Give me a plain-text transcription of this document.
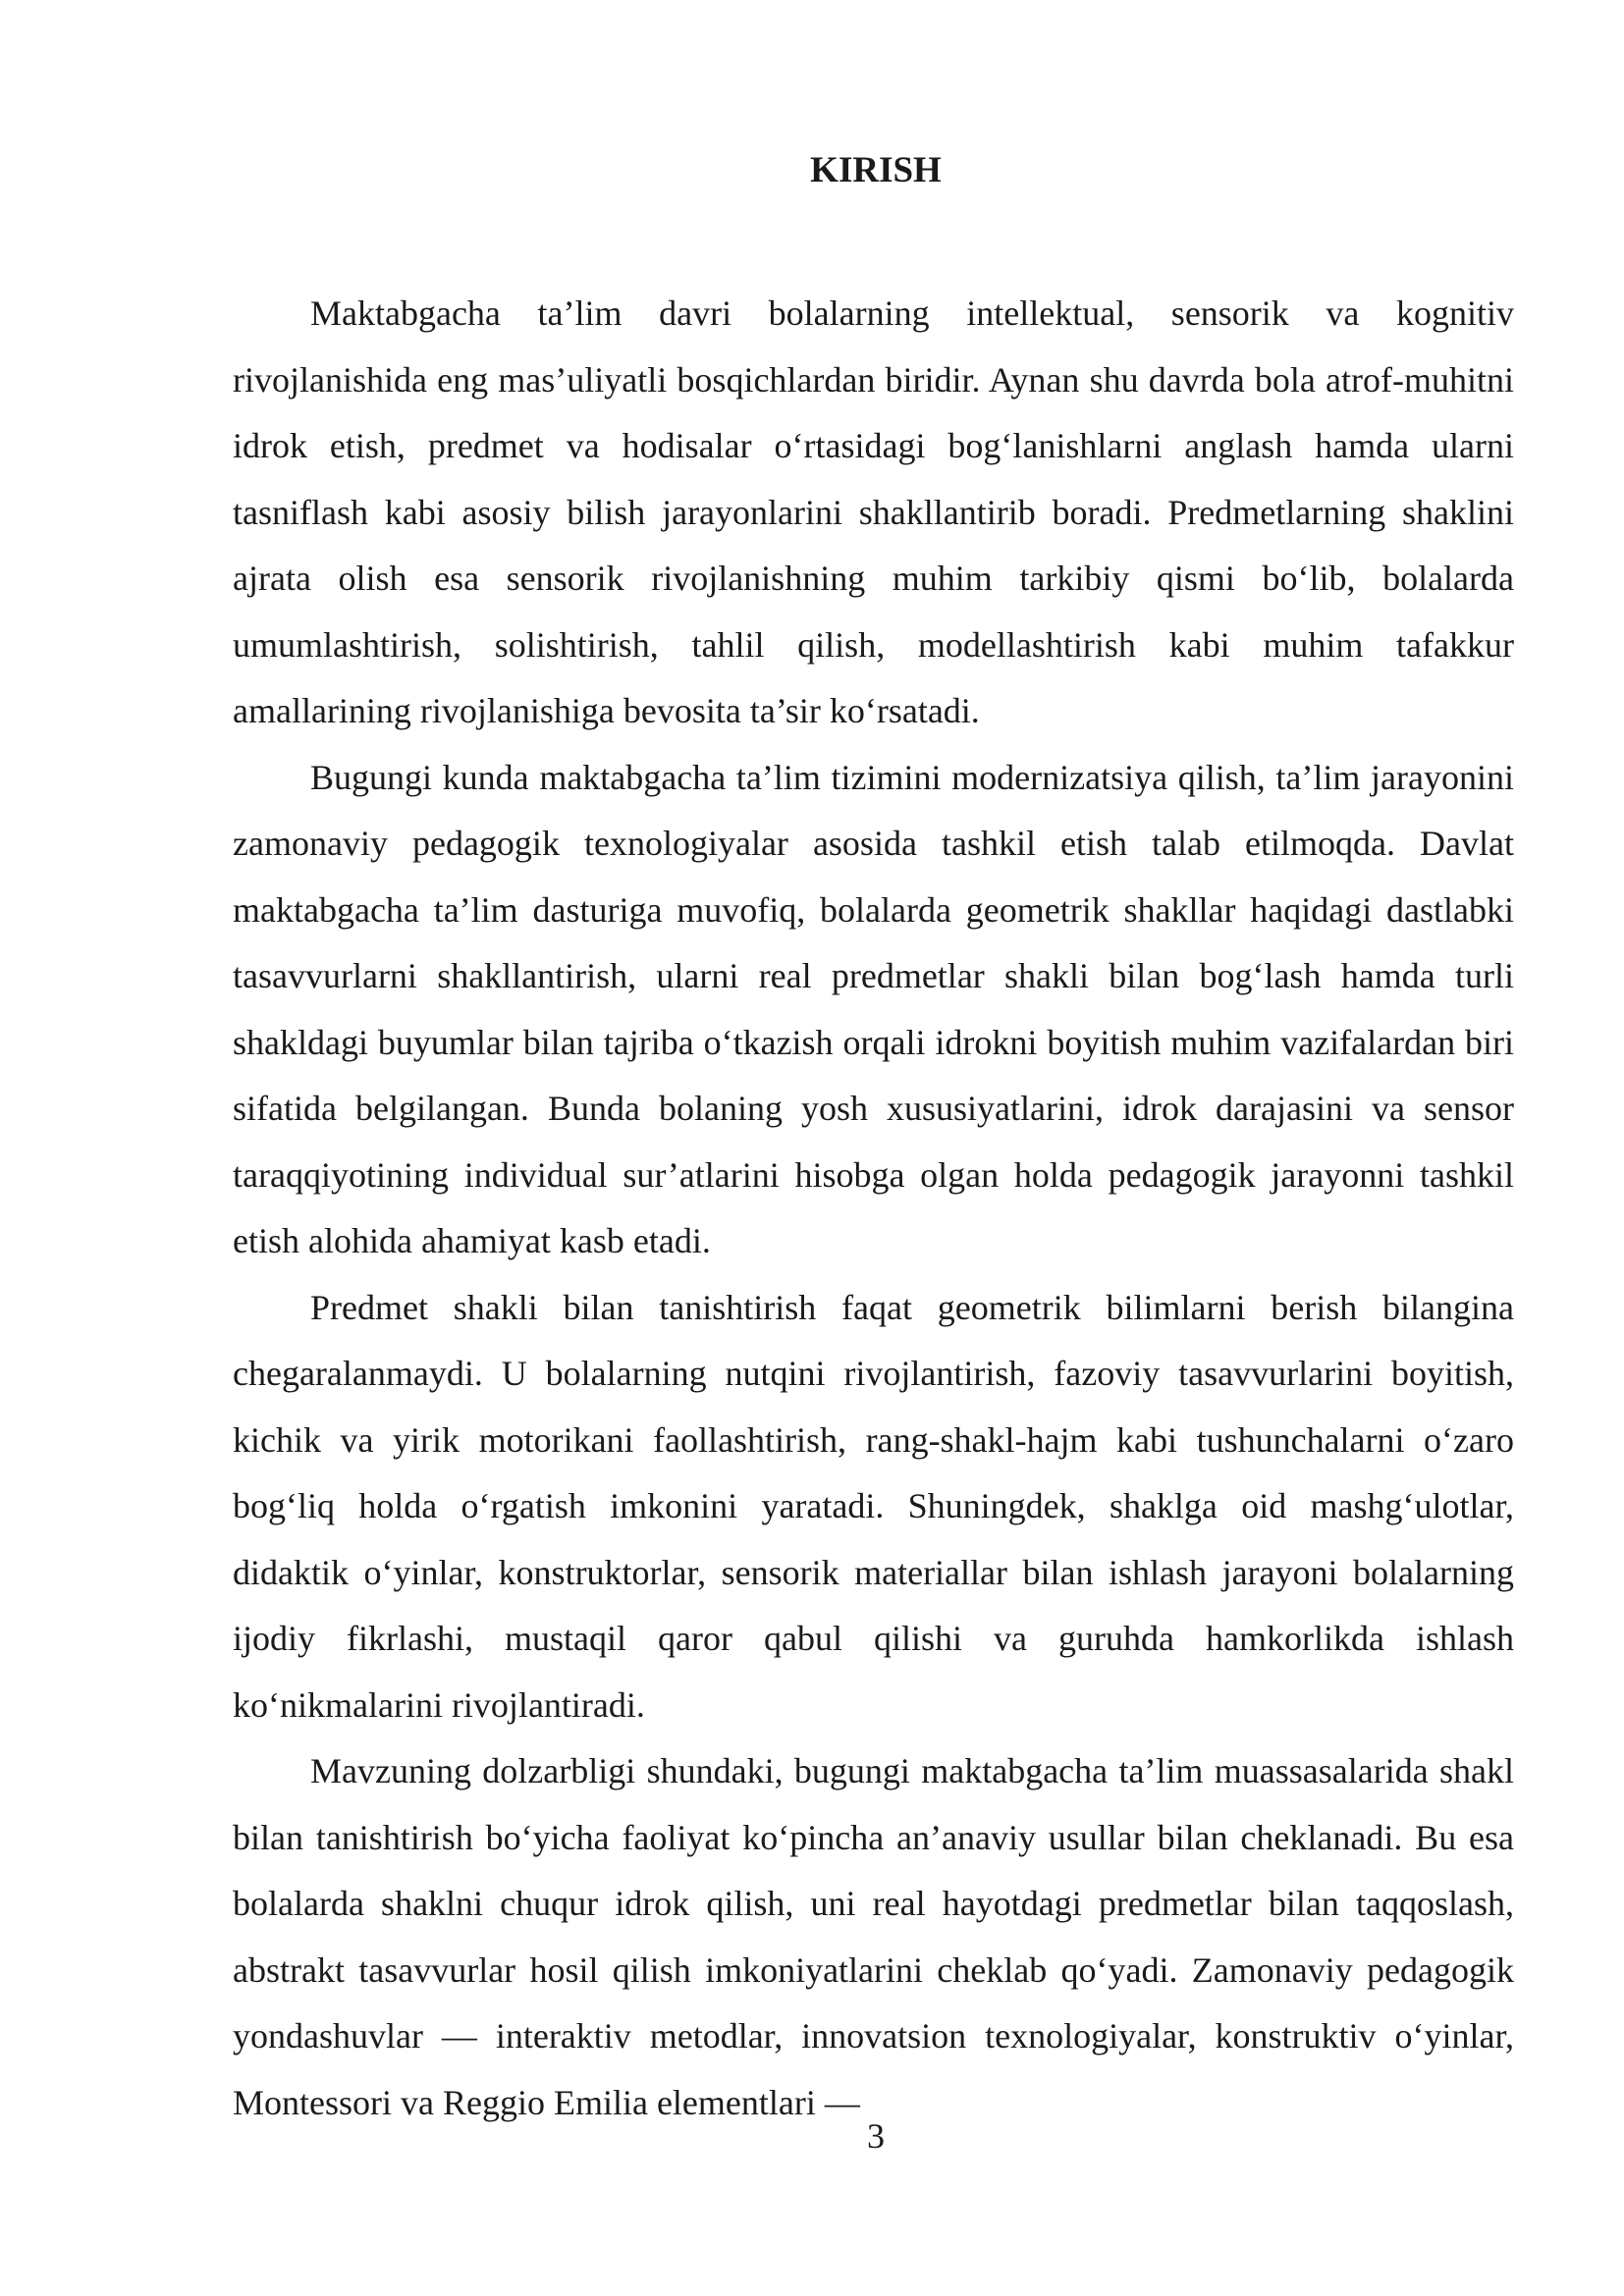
KIRISH

Maktabgacha ta’lim davri bolalarning intellektual, sensorik va kognitiv rivojlanishida eng mas’uliyatli bosqichlardan biridir. Aynan shu davrda bola atrof-muhitni idrok etish, predmet va hodisalar o‘rtasidagi bog‘lanishlarni anglash hamda ularni tasniflash kabi asosiy bilish jarayonlarini shakllantirib boradi. Predmetlarning shaklini ajrata olish esa sensorik rivojlanishning muhim tarkibiy qismi bo‘lib, bolalarda umumlashtirish, solishtirish, tahlil qilish, modellashtirish kabi muhim tafakkur amallarining rivojlanishiga bevosita ta’sir ko‘rsatadi.

Bugungi kunda maktabgacha ta’lim tizimini modernizatsiya qilish, ta’lim jarayonini zamonaviy pedagogik texnologiyalar asosida tashkil etish talab etilmoqda. Davlat maktabgacha ta’lim dasturiga muvofiq, bolalarda geometrik shakllar haqidagi dastlabki tasavvurlarni shakllantirish, ularni real predmetlar shakli bilan bog‘lash hamda turli shakldagi buyumlar bilan tajriba o‘tkazish orqali idrokni boyitish muhim vazifalardan biri sifatida belgilangan. Bunda bolaning yosh xususiyatlarini, idrok darajasini va sensor taraqqiyotining individual sur’atlarini hisobga olgan holda pedagogik jarayonni tashkil etish alohida ahamiyat kasb etadi.

Predmet shakli bilan tanishtirish faqat geometrik bilimlarni berish bilangina chegaralanmaydi. U bolalarning nutqini rivojlantirish, fazoviy tasavvurlarini boyitish, kichik va yirik motorikani faollashtirish, rang-shakl-hajm kabi tushunchalarni o‘zaro bog‘liq holda o‘rgatish imkonini yaratadi. Shuningdek, shaklga oid mashg‘ulotlar, didaktik o‘yinlar, konstruktorlar, sensorik materiallar bilan ishlash jarayoni bolalarning ijodiy fikrlashi, mustaqil qaror qabul qilishi va guruhda hamkorlikda ishlash ko‘nikmalarini rivojlantiradi.

Mavzuning dolzarbligi shundaki, bugungi maktabgacha ta’lim muassasalarida shakl bilan tanishtirish bo‘yicha faoliyat ko‘pincha an’anaviy usullar bilan cheklanadi. Bu esa bolalarda shaklni chuqur idrok qilish, uni real hayotdagi predmetlar bilan taqqoslash, abstrakt tasavvurlar hosil qilish imkoniyatlarini cheklab qo‘yadi. Zamonaviy pedagogik yondashuvlar — interaktiv metodlar, innovatsion texnologiyalar, konstruktiv o‘yinlar, Montessori va Reggio Emilia elementlari —

3
